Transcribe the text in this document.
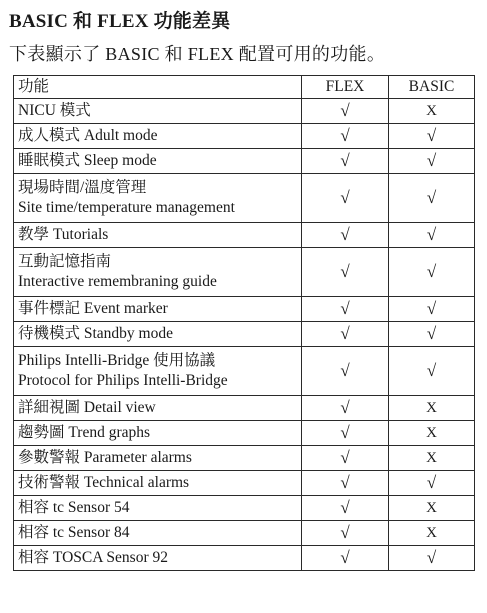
BASIC 和 FLEX 功能差異
下表顯示了 BASIC 和 FLEX 配置可用的功能。
功能	FLEX	BASIC

NICU 模式	√	X

成人模式 Adult mode	√	√

睡眠模式 Sleep mode	√	√

現場時間/溫度管理
Site time/temperature management	√	√

教學 Tutorials	√	√

互動記憶指南
Interactive remembraning guide	√	√

事件標記 Event marker	√	√

待機模式 Standby mode	√	√

Philips Intelli-Bridge 使用協議
Protocol for Philips Intelli-Bridge	√	√

詳細視圖 Detail view	√	X

趨勢圖 Trend graphs	√	X

參數警報 Parameter alarms	√	X

技術警報 Technical alarms	√	√

相容 tc Sensor 54	√	X

相容 tc Sensor 84	√	X

相容 TOSCA Sensor 92	√	√
